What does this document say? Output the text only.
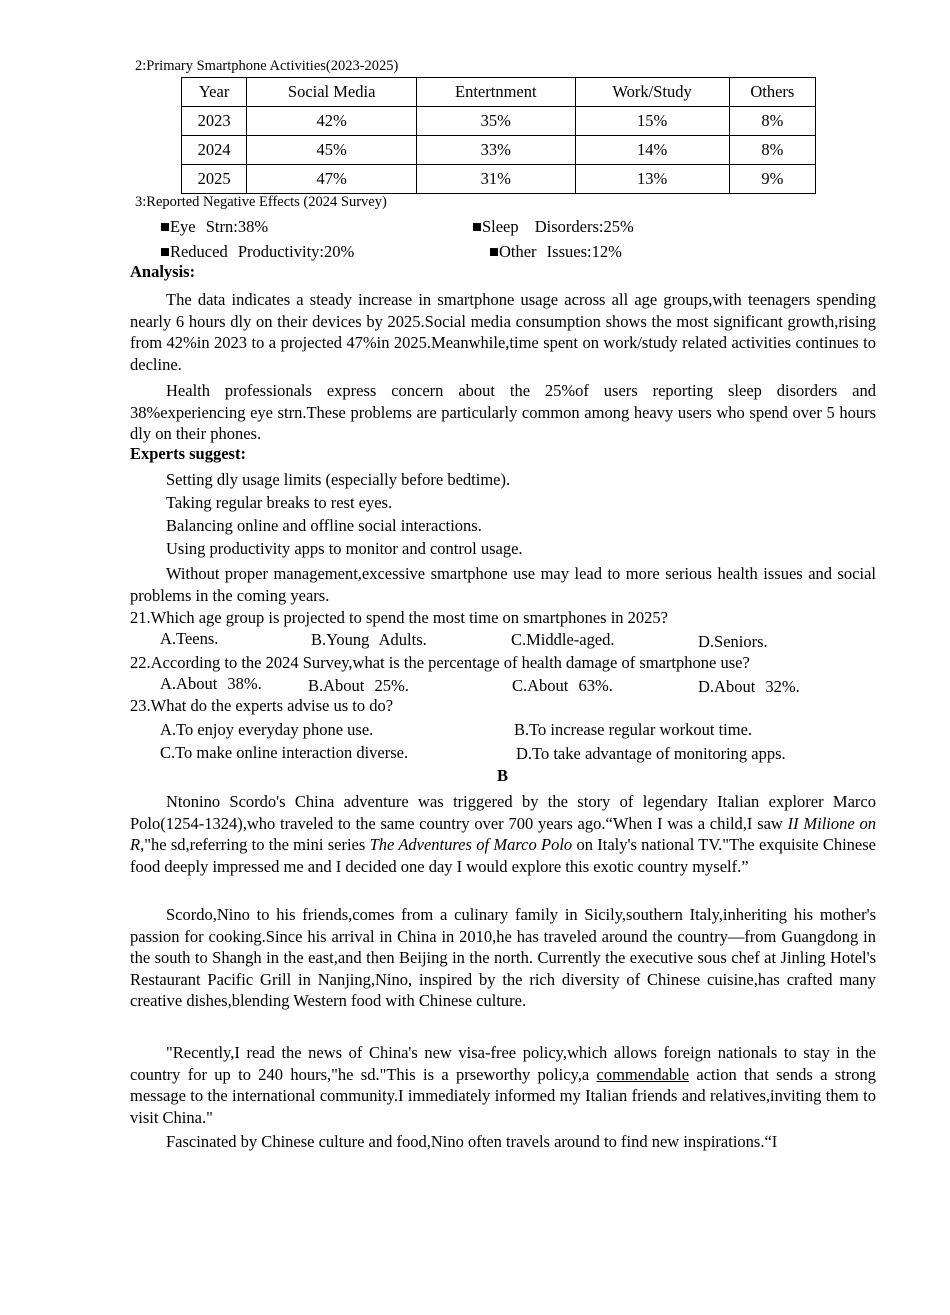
2:Primary Smartphone Activities(2023-2025)
Year	Social Media	Entertnment	Work/Study	Others
2023	42%	35%	15%	8%
2024	45%	33%	14%	8%
2025	47%	31%	13%	9%
3:Reported Negative Effects (2024 Survey)
■Eye Strn:38%	■Sleep Disorders:25%
■Reduced Productivity:20%	■Other Issues:12%
Analysis:
The data indicates a steady increase in smartphone usage across all age groups,with teenagers spending nearly 6 hours dly on their devices by 2025.Social media consumption shows the most significant growth,rising from 42%in 2023 to a projected 47%in 2025.Meanwhile,time spent on work/study related activities continues to decline.
Health professionals express concern about the 25%of users reporting sleep disorders and 38%experiencing eye strn.These problems are particularly common among heavy users who spend over 5 hours dly on their phones.
Experts suggest:
Setting dly usage limits (especially before bedtime).
Taking regular breaks to rest eyes.
Balancing online and offline social interactions.
Using productivity apps to monitor and control usage.
Without proper management,excessive smartphone use may lead to more serious health issues and social problems in the coming years.
21.Which age group is projected to spend the most time on smartphones in 2025?
A.Teens.	B.Young Adults.	C.Middle-aged.	D.Seniors.
22.According to the 2024 Survey,what is the percentage of health damage of smartphone use?
A.About 38%.	B.About 25%.	C.About 63%.	D.About 32%.
23.What do the experts advise us to do?
A.To enjoy everyday phone use.	B.To increase regular workout time.
C.To make online interaction diverse.	D.To take advantage of monitoring apps.
B
Ntonino Scordo's China adventure was triggered by the story of legendary Italian explorer Marco Polo(1254-1324),who traveled to the same country over 700 years ago.“When I was a child,I saw II Milione on R,"he sd,referring to the mini series The Adventures of Marco Polo on Italy's national TV."The exquisite Chinese food deeply impressed me and I decided one day I would explore this exotic country myself.”
Scordo,Nino to his friends,comes from a culinary family in Sicily,southern Italy,inheriting his mother's passion for cooking.Since his arrival in China in 2010,he has traveled around the country—from Guangdong in the south to Shangh in the east,and then Beijing in the north. Currently the executive sous chef at Jinling Hotel's Restaurant Pacific Grill in Nanjing,Nino, inspired by the rich diversity of Chinese cuisine,has crafted many creative dishes,blending Western food with Chinese culture.
"Recently,I read the news of China's new visa-free policy,which allows foreign nationals to stay in the country for up to 240 hours,"he sd."This is a prseworthy policy,a commendable action that sends a strong message to the international community.I immediately informed my Italian friends and relatives,inviting them to visit China."
Fascinated by Chinese culture and food,Nino often travels around to find new inspirations.“I
